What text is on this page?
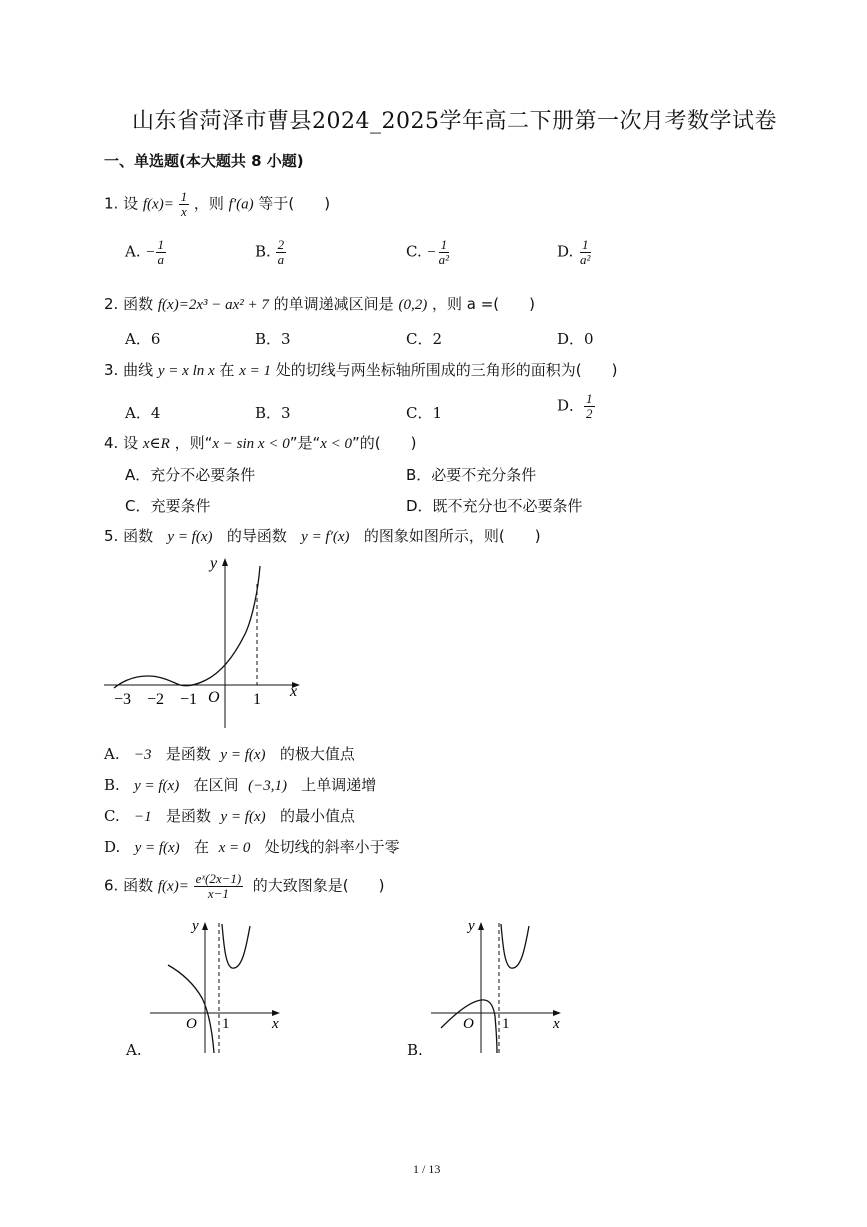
山东省菏泽市曹县2024_2025学年高二下册第一次月考数学试卷
一、单选题(本大题共 8 小题)
1. 设 $f(x)= \frac{1}{x}$ ，则 f′(a) 等于(　　)
A. − $\frac{1}{a}$	B. $\frac{2}{a}$	C. − $\frac{1}{\text{a²}}$	D. $\frac{1}{\text{a²}}$
2. 函数 f(x)=2x³ − ax² + 7 的单调递减区间是 (0,2) ，则 a =(　　)
A．6	B．3	C．2	D．0
3. 曲线 y = x ln x 在 x = 1 处的切线与两坐标轴所围成的三角形的面积为(　　)
A．4	B．3	C．1	D． $\frac{1}{2}$
4. 设 x∈R ，则“x − sin x < 0”是“x < 0”的(　　)
A．充分不必要条件	B．必要不充分条件
C．充要条件	D．既不充分也不必要条件
5. 函数 y = f(x) 的导函数 y = f′(x) 的图象如图所示，则(　　)
y
x
O
−3 −2 −1	1
A. −3 是函数 y = f(x) 的极大值点
B. y = f(x) 在区间 (−3,1) 上单调递增
C. −1 是函数 y = f(x) 的最小值点
D. y = f(x) 在 x = 0 处切线的斜率小于零
6. 函数 $f(x)= \frac{\text{eˣ(2x−1)}}{x-1}$ 的大致图象是(　　)
y
x
O 1
A.
y
x
O 1
B.
1 / 13
